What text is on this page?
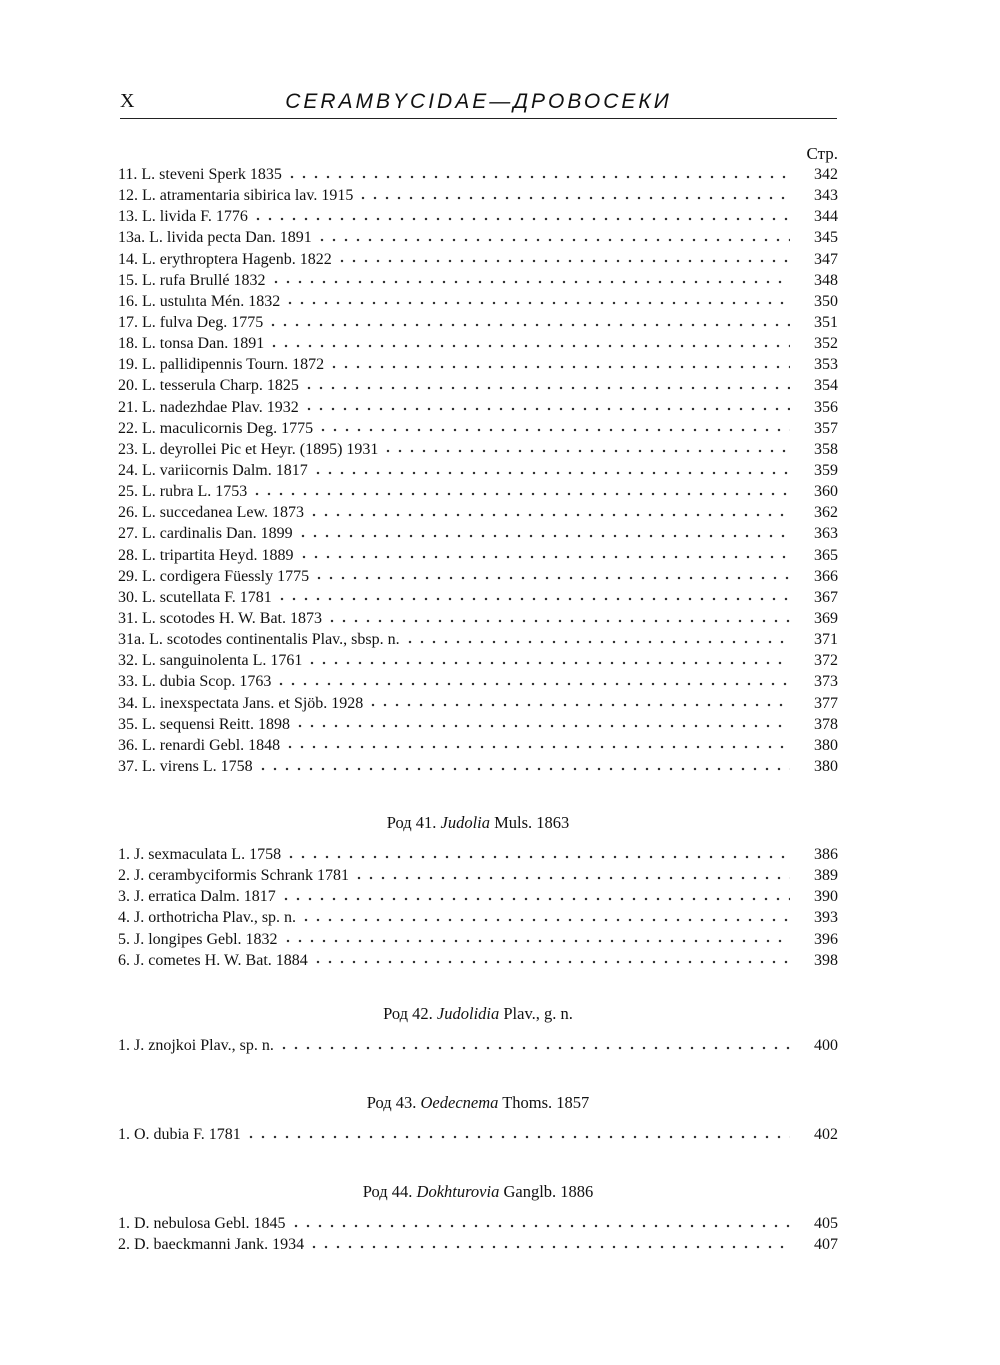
X	CERAMBYCIDAE—ДРОВОСЕКИ
Стр.
11. L. steveni Sperk 1835	342
12. L. atramentaria sibirica lav. 1915	343
13. L. livida F. 1776	344
13a. L. livida pecta Dan. 1891	345
14. L. erythroptera Hagenb. 1822	347
15. L. rufa Brullé 1832	348
16. L. ustulıta Mén. 1832	350
17. L. fulva Deg. 1775	351
18. L. tonsa Dan. 1891	352
19. L. pallidipennis Tourn. 1872	353
20. L. tesserula Charp. 1825	354
21. L. nadezhdae Plav. 1932	356
22. L. maculicornis Deg. 1775	357
23. L. deyrollei Pic et Heyr. (1895) 1931	358
24. L. variicornis Dalm. 1817	359
25. L. rubra L. 1753	360
26. L. succedanea Lew. 1873	362
27. L. cardinalis Dan. 1899	363
28. L. tripartita Heyd. 1889	365
29. L. cordigera Füessly 1775	366
30. L. scutellata F. 1781	367
31. L. scotodes H. W. Bat. 1873	369
31a. L. scotodes continentalis Plav., sbsp. n.	371
32. L. sanguinolenta L. 1761	372
33. L. dubia Scop. 1763	373
34. L. inexspectata Jans. et Sjöb. 1928	377
35. L. sequensi Reitt. 1898	378
36. L. renardi Gebl. 1848	380
37. L. virens L. 1758	380
Род 41. Judolia Muls. 1863
1. J. sexmaculata L. 1758	386
2. J. cerambyciformis Schrank 1781	389
3. J. erratica Dalm. 1817	390
4. J. orthotricha Plav., sp. n.	393
5. J. longipes Gebl. 1832	396
6. J. cometes H. W. Bat. 1884	398
Род 42. Judolidia Plav., g. n.
1. J. znojkoi Plav., sp. n.	400
Род 43. Oedecnema Thoms. 1857
1. O. dubia F. 1781	402
Род 44. Dokhturovia Ganglb. 1886
1. D. nebulosa Gebl. 1845	405
2. D. baeckmanni Jank. 1934	407
